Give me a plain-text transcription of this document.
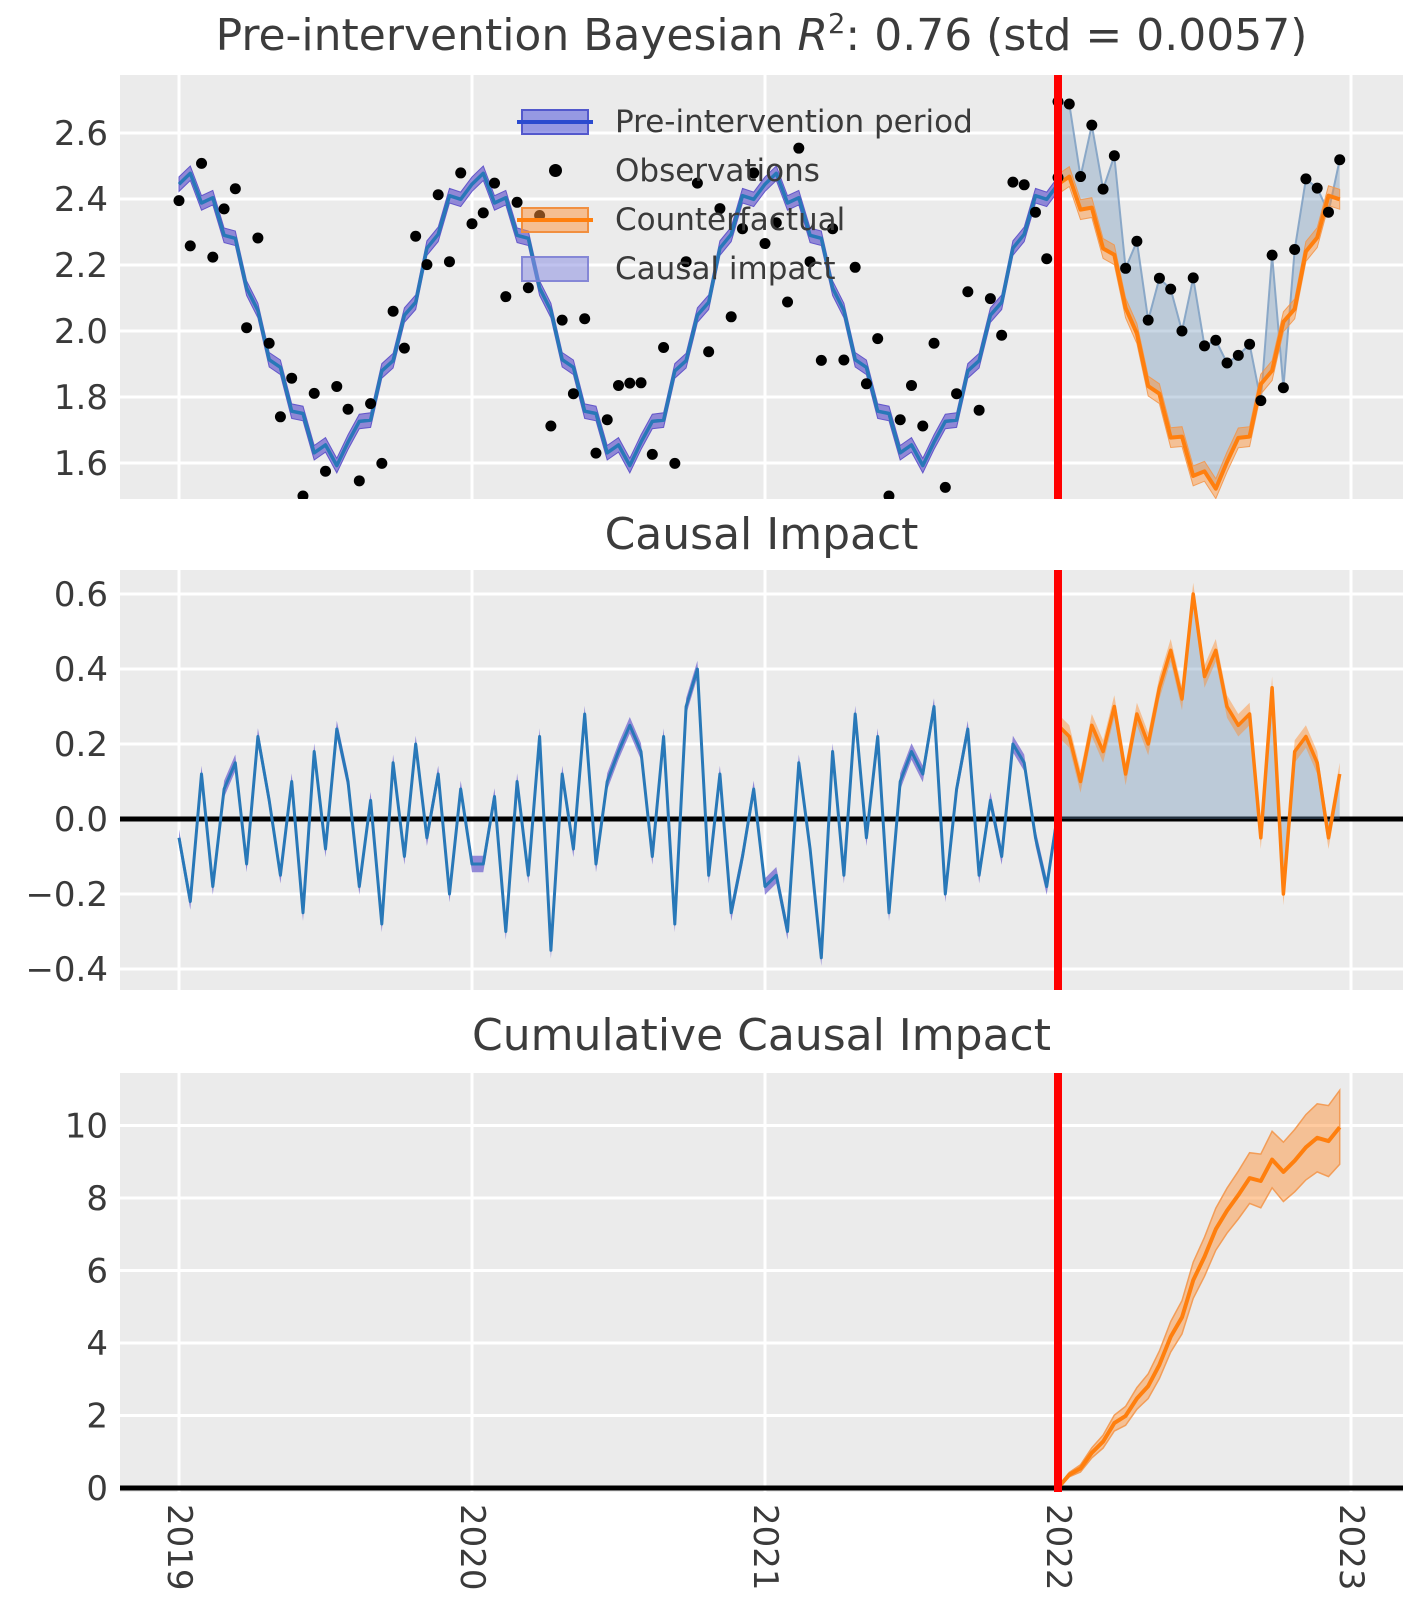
1.6
1.8
2.0
2.2
2.4
2.6
−0.4
−0.2
0.0
0.2
0.4
0.6
0
2
4
6
8
10
2019	2020	2021	2022	2023
Pre-intervention Bayesian $R^2$: 0.76 (std = 0.0057)
Causal Impact
Cumulative Causal Impact
Pre-intervention period
Observations
Counterfactual
Causal impact
